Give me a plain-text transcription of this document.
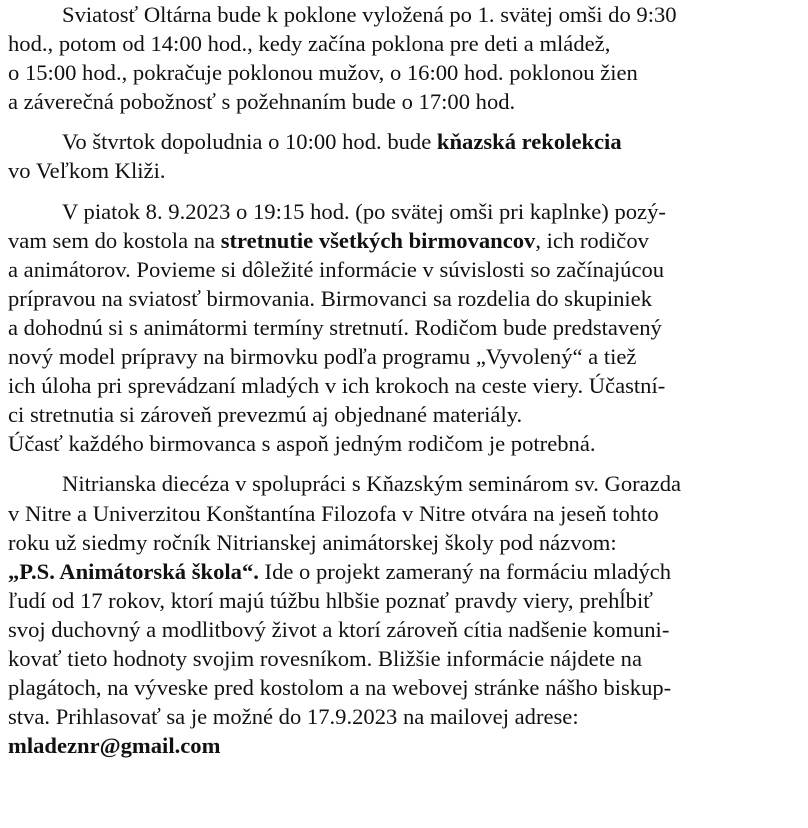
Sviatosť Oltárna bude k poklone vyložená po 1. svätej omši do 9:30
hod., potom od 14:00 hod., kedy začína poklona pre deti a mládež,
o 15:00 hod., pokračuje poklonou mužov, o 16:00 hod. poklonou žien
a záverečná pobožnosť s požehnaním bude o 17:00 hod.
Vo štvrtok dopoludnia o 10:00 hod. bude kňazská rekolekcia
vo Veľkom Kliži.
V piatok 8. 9.2023 o 19:15 hod. (po svätej omši pri kaplnke) pozý-
vam sem do kostola na stretnutie všetkých birmovancov, ich rodičov
a animátorov. Povieme si dôležité informácie v súvislosti so začínajúcou
prípravou na sviatosť birmovania. Birmovanci sa rozdelia do skupiniek
a dohodnú si s animátormi termíny stretnutí. Rodičom bude predstavený
nový model prípravy na birmovku podľa programu „Vyvolený“ a tiež
ich úloha pri sprevádzaní mladých v ich krokoch na ceste viery. Účastní-
ci stretnutia si zároveň prevezmú aj objednané materiály.
Účasť každého birmovanca s aspoň jedným rodičom je potrebná.
Nitrianska diecéza v spolupráci s Kňazským seminárom sv. Gorazda
v Nitre a Univerzitou Konštantína Filozofa v Nitre otvára na jeseň tohto
roku už siedmy ročník Nitrianskej animátorskej školy pod názvom:
„P.S. Animátorská škola“. Ide o projekt zameraný na formáciu mladých
ľudí od 17 rokov, ktorí majú túžbu hlbšie poznať pravdy viery, prehĺbiť
svoj duchovný a modlitbový život a ktorí zároveň cítia nadšenie komuni-
kovať tieto hodnoty svojim rovesníkom. Bližšie informácie nájdete na
plagátoch, na výveske pred kostolom a na webovej stránke nášho biskup-
stva. Prihlasovať sa je možné do 17.9.2023 na mailovej adrese:
mladeznr@gmail.com
